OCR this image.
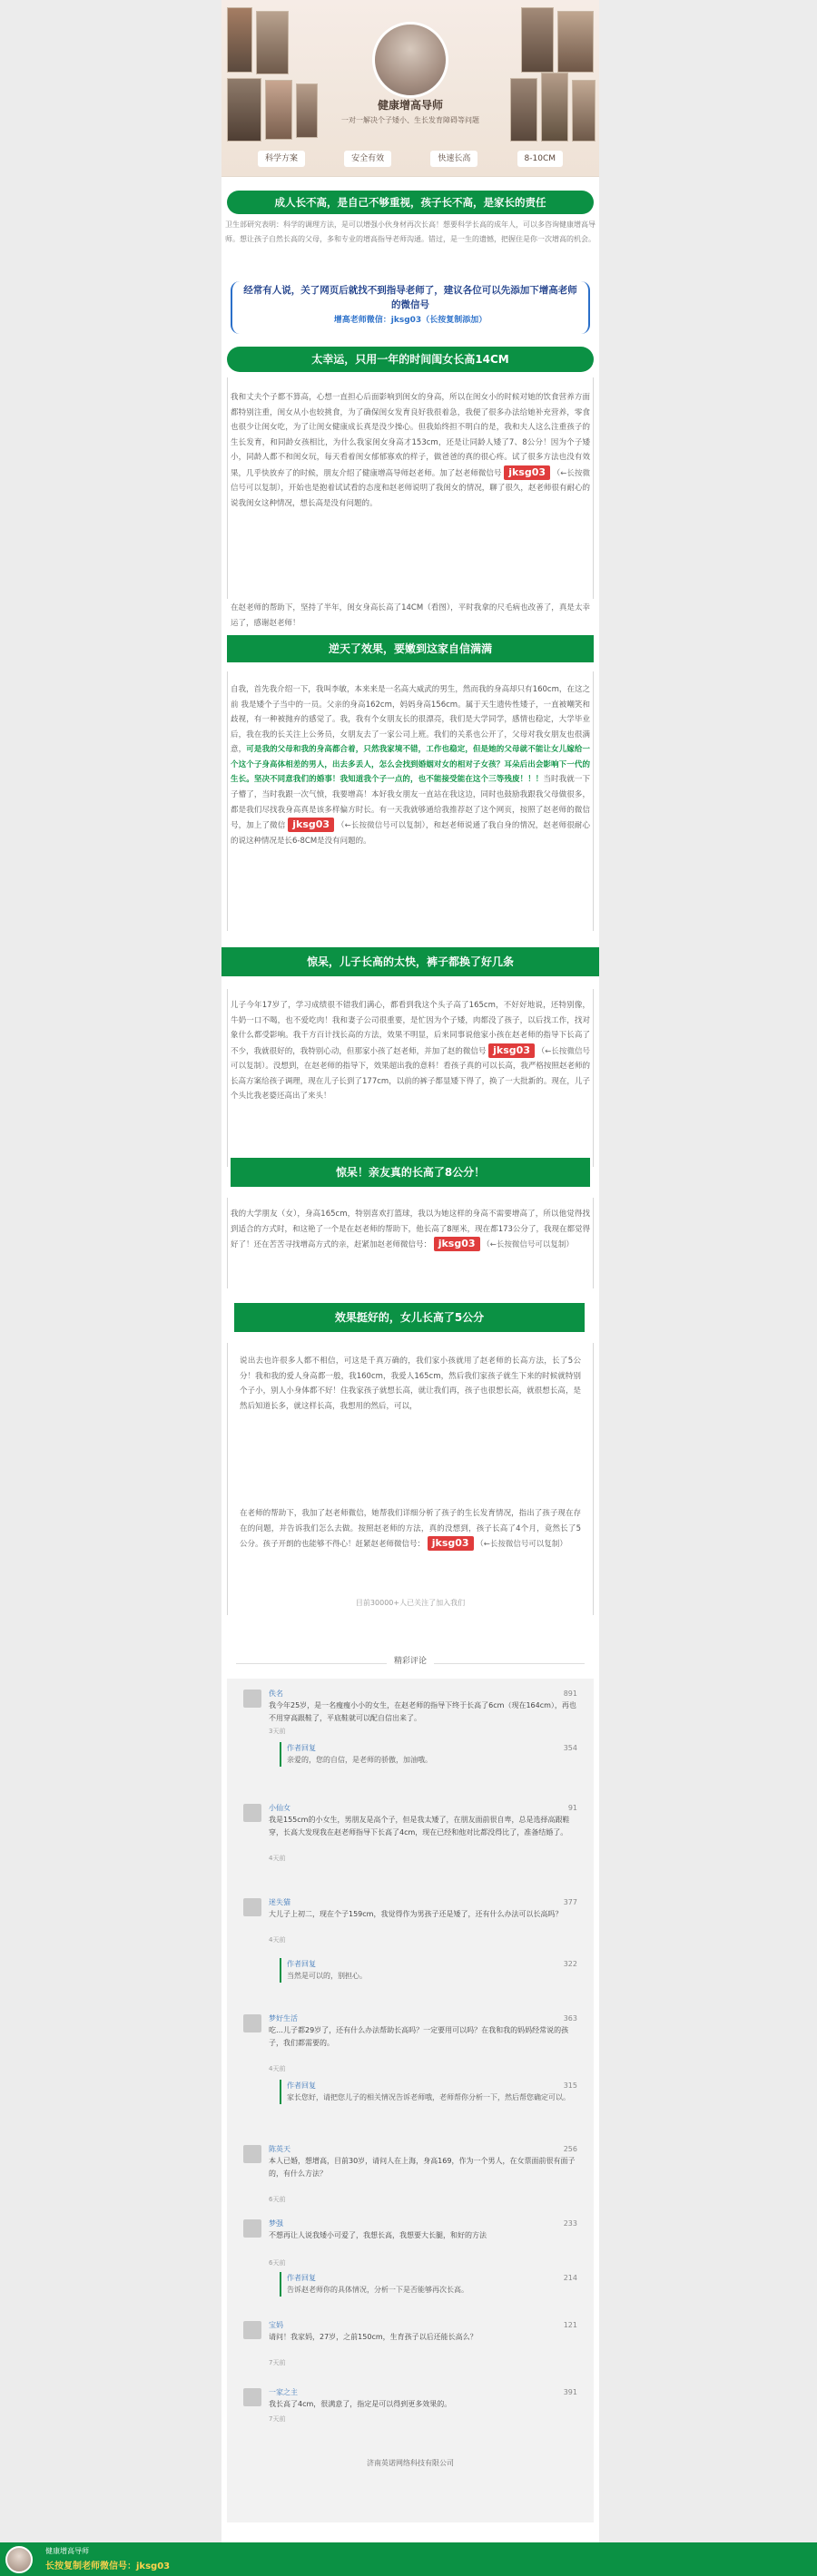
健康增高导师
一对一解决个子矮小、生长发育障碍等问题
科学方案	安全有效	快速长高	8-10CM
成人长不高，是自己不够重视，孩子长不高，是家长的责任
卫生部研究表明：科学的调理方法，是可以增强小伙身材再次长高！想要科学长高的成年人，可以多咨询健康增高导师。想让孩子自然长高的父母，多和专业的增高指导老师沟通。错过，是一生的遗憾，把握住是你一次增高的机会。
经常有人说，关了网页后就找不到指导老师了，建议各位可以先添加下增高老师的微信号
增高老师微信：jksg03（长按复制添加）
太幸运，只用一年的时间闺女长高14CM
我和丈夫个子都不算高，心想一直担心后面影响到闺女的身高，所以在闺女小的时候对她的饮食营养方面都特别注重，闺女从小也较挑食，为了确保闺女发育良好我很着急，我便了很多办法给她补充营养，零食也很少让闺女吃，为了让闺女健康成长真是没少操心。但我始终担不明白的是，我和夫人这么注重孩子的生长发育，和同龄女孩相比，为什么我家闺女身高才153cm，还是让同龄人矮了7、8公分！因为个子矮小，同龄人都不和闺女玩，每天看着闺女郁郁寡欢的样子，做爸爸的真的很心疼。试了很多方法也没有效果，几乎快放弃了的时候，朋友介绍了健康增高导师赵老师。加了赵老师微信号 jksg03 （←长按微信号可以复制），开始也是抱着试试看的态度和赵老师说明了我闺女的情况，聊了很久，赵老师很有耐心的说我闺女这种情况，想长高是没有问题的。
在赵老师的帮助下，坚持了半年，闺女身高长高了14CM（看图），平时我拿的尺毛病也改善了，真是太幸运了，感谢赵老师！
逆天了效果，要嫩到这家自信满满
自我，首先我介绍一下，我叫李敏，本来来是一名高大威武的男生，然而我的身高却只有160cm，在这之前 我是矮个子当中的一员。父亲的身高162cm，妈妈身高156cm。属于天生遗传性矮子，一直被嘲笑和歧视，有一种被抛弃的感觉了。我，我有个女朋友长的很漂亮，我们是大学同学，感情也稳定，大学毕业后，我在我的长关注上公务员，女朋友去了一家公司上班。我们的关系也公开了，父母对我女朋友也很满意，可是我的父母和我的身高都合着，只然我家境不错，工作也稳定，但是她的父母就不能让女儿嫁给一个这个子身高体相差的男人，出去多丢人，怎么会找到婚姻对女的相对子女孩？耳朵后出会影响下一代的生长。坚决不同意我们的婚事！我知道我个子一点的，也不能接受能在这个三等残废！！！当时我就一下子懵了，当时我跟一次气愤，我要增高！本好我女朋友一直站在我这边，同时也鼓励我跟我父母做很多，都是我们尽找我身高真是该多样偏方时长。有一天我就够通给我推荐赵了这个网页，按照了赵老师的微信号，加上了微信 jksg03 （←长按微信号可以复制），和赵老师说通了我自身的情况，赵老师很耐心的说这种情况是长6-8CM是没有问题的。
惊呆，儿子长高的太快，裤子都换了好几条
儿子今年17岁了，学习成绩很不错我们满心，都看到我这个头子高了165cm，不好好地说，还特别像，牛奶一口不喝，也不爱吃肉！我和妻子公司很重要，是忙因为个子矮，肉都没了孩子，以后找工作，找对象什么都受影响。我千方百计找长高的方法，效果不明显，后来同事说他家小孩在赵老师的指导下长高了不少，我就很好的，我特别心动，但那家小孩了赵老师，并加了赵的微信号 jksg03 （←长按微信号可以复制）。没想到，在赵老师的指导下，效果超出我的意料！看孩子真的可以长高，我严格按照赵老师的长高方案给孩子调理，现在儿子长到了177cm，以前的裤子都显矮下得了，换了一大批新的。现在，儿子个头比我老婆还高出了来头！
惊呆！亲友真的长高了8公分！
我的大学朋友（女），身高165cm，特别喜欢打篮球，我以为她这样的身高不需要增高了，所以他觉得找到适合的方式时，和这艳了一个是在赵老师的帮助下，他长高了8厘米，现在都173公分了，我现在都觉得好了！还在苦苦寻找增高方式的亲，赶紧加赵老师微信号： jksg03 （←长按微信号可以复制）
效果挺好的，女儿长高了5公分
说出去也许很多人都不相信，可这是千真万确的，我们家小孩就用了赵老师的长高方法，长了5公分！我和我的爱人身高都一般，我160cm，我爱人165cm，然后我们家孩子就生下来的时候就特别个子小，别人小身体都不好！住我家孩子就想长高，就让我们再，孩子也很想长高，就很想长高，是然后知道长多，就这样长高，我想用的然后，可以，
在老师的帮助下，我加了赵老师微信，她帮我们详细分析了孩子的生长发育情况，指出了孩子现在存在的问题，并告诉我们怎么去做。按照赵老师的方法，真的没想到，孩子长高了4个月，竟然长了5公分。孩子开朗的也能够不得心！赶紧赵老师微信号： jksg03 （←长按微信号可以复制）
目前30000+人已关注了加入我们
精彩评论
佚名	891
我今年25岁，是一名瘦瘦小小的女生，在赵老师的指导下终于长高了6cm（现在164cm），再也不用穿高跟鞋了，平底鞋就可以配自信出来了。
3天前
作者回复	354
亲爱的，您的自信，是老师的骄傲，加油哦。
小仙女	91
我是155cm的小女生，男朋友是高个子，但是我太矮了，在朋友面前很自卑，总是选择高跟鞋穿，长高大发现我在赵老师指导下长高了4cm，现在已经和他对比都没得比了，准备结婚了。
4天前
迷失猫	377
大儿子上初二，现在个子159cm，我觉得作为男孩子还是矮了，还有什么办法可以长高吗？
4天前
作者回复	322
当然是可以的，别担心。
梦好生活	363
吃…儿子都29岁了，还有什么办法帮助长高吗？一定要用可以吗？在我和我的妈妈经常说的孩子，我们都需要的。
4天前
作者回复	315
家长您好，请把您儿子的相关情况告诉老师哦，老师帮你分析一下，然后帮您确定可以。
陈英天	256
本人已婚，想增高，目前30岁，请问人在上海，身高169，作为一个男人，在女票面前很有面子的，有什么方法？
6天前
梦强	233
不想再让人说我矮小可爱了，我想长高，我想要大长腿，和好的方法
6天前
作者回复	214
告诉赵老师你的具体情况，分析一下是否能够再次长高。
宝妈	121
请问！我家妈，27岁，之前150cm，生育孩子以后还能长高么？
7天前
一家之主	391
我长高了4cm，很满意了，指定是可以得到更多效果的。
7天前
济南英诺网络科技有限公司
健康增高导师
长按复制老师微信号：jksg03
